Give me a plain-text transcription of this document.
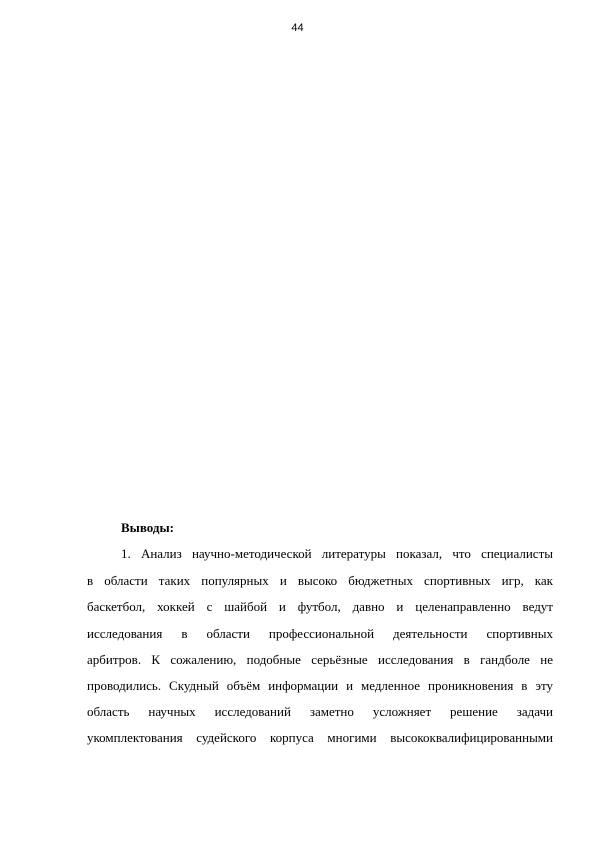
44
Выводы:
1. Анализ научно-методической литературы показал, что специалисты
в области таких популярных и высоко бюджетных спортивных игр, как
баскетбол, хоккей с шайбой и футбол, давно и целенаправленно ведут
исследования в области профессиональной деятельности спортивных
арбитров. К сожалению, подобные серьёзные исследования в гандболе не
проводились. Скудный объём информации и медленное проникновения в эту
область научных исследований заметно усложняет решение задачи
укомплектования судейского корпуса многими высококвалифицированными
